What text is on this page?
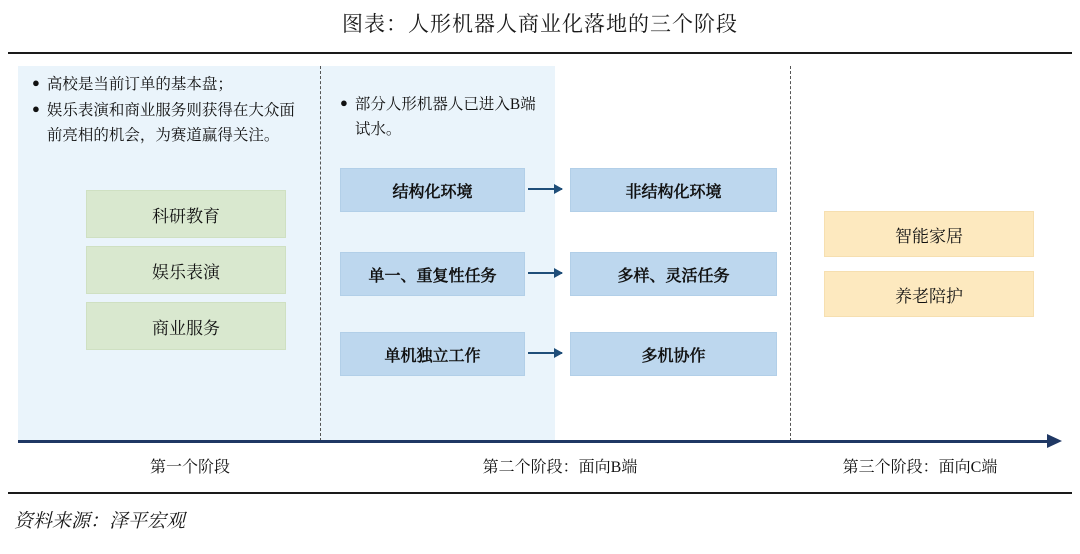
图表：人形机器人商业化落地的三个阶段
● 高校是当前订单的基本盘；
● 娱乐表演和商业服务则获得在大众面前亮相的机会，为赛道赢得关注。
科研教育
娱乐表演
商业服务
● 部分人形机器人已进入B端试水。
结构化环境	非结构化环境
单一、重复性任务	多样、灵活任务
单机独立工作	多机协作
智能家居
养老陪护
第一个阶段	第二个阶段：面向B端	第三个阶段：面向C端
资料来源：泽平宏观
